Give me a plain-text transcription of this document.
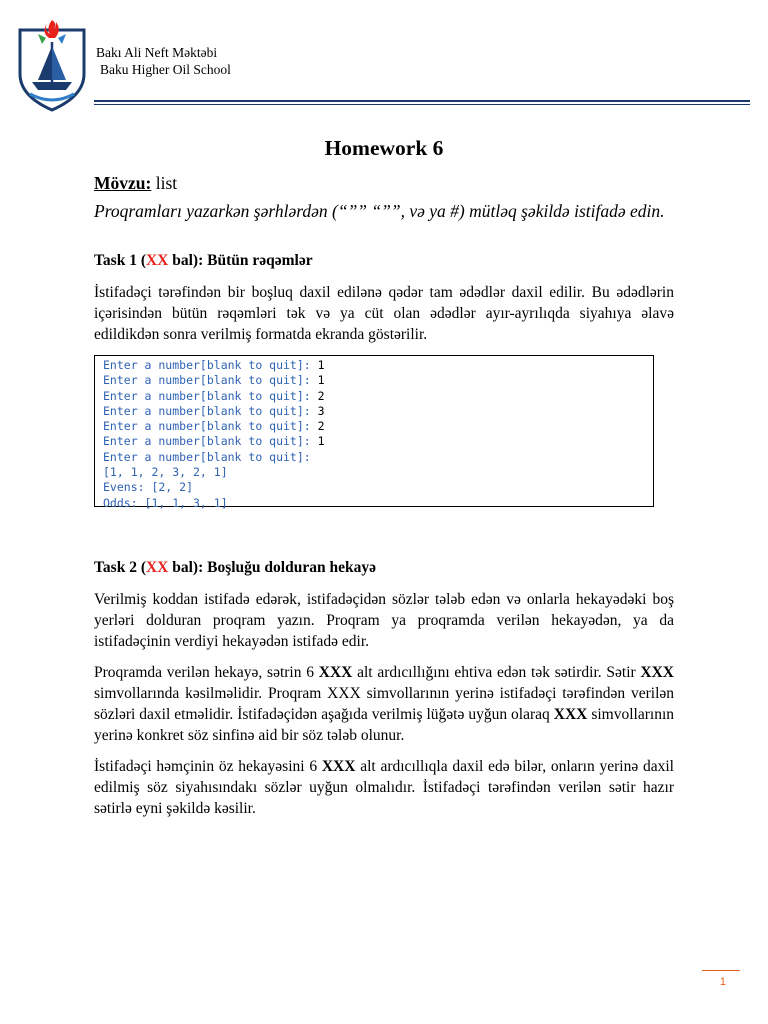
Bakı Ali Neft Məktəbi
Baku Higher Oil School
Homework 6
Mövzu: list
Proqramları yazarkən şərhlərdən (“”” “””, və ya #) mütləq şəkildə istifadə edin.
Task 1 (XX bal): Bütün rəqəmlər
İstifadəçi tərəfindən bir boşluq daxil edilənə qədər tam ədədlər daxil edilir. Bu ədədlərin içərisindən bütün rəqəmləri tək və ya cüt olan ədədlər ayır-ayrılıqda siyahıya əlavə edildikdən sonra verilmiş formatda ekranda göstərilir.
Enter a number[blank to quit]: 1
Enter a number[blank to quit]: 1
Enter a number[blank to quit]: 2
Enter a number[blank to quit]: 3
Enter a number[blank to quit]: 2
Enter a number[blank to quit]: 1
Enter a number[blank to quit]:
[1, 1, 2, 3, 2, 1]
Evens: [2, 2]
Odds: [1, 1, 3, 1]
Task 2 (XX bal): Boşluğu dolduran hekayə
Verilmiş koddan istifadə edərək, istifadəçidən sözlər tələb edən və onlarla hekayədəki boş yerləri dolduran proqram yazın. Proqram ya proqramda verilən hekayədən, ya da istifadəçinin verdiyi hekayədən istifadə edir.
Proqramda verilən hekayə, sətrin 6 XXX alt ardıcıllığını ehtiva edən tək sətirdir. Sətir XXX simvollarında kəsilməlidir. Proqram XXX simvollarının yerinə istifadəçi tərəfindən verilən sözləri daxil etməlidir. İstifadəçidən aşağıda verilmiş lüğətə uyğun olaraq XXX simvollarının yerinə konkret söz sinfinə aid bir söz tələb olunur.
İstifadəçi həmçinin öz hekayəsini 6 XXX alt ardıcıllıqla daxil edə bilər, onların yerinə daxil edilmiş söz siyahısındakı sözlər uyğun olmalıdır. İstifadəçi tərəfindən verilən sətir hazır sətirlə eyni şəkildə kəsilir.
1
